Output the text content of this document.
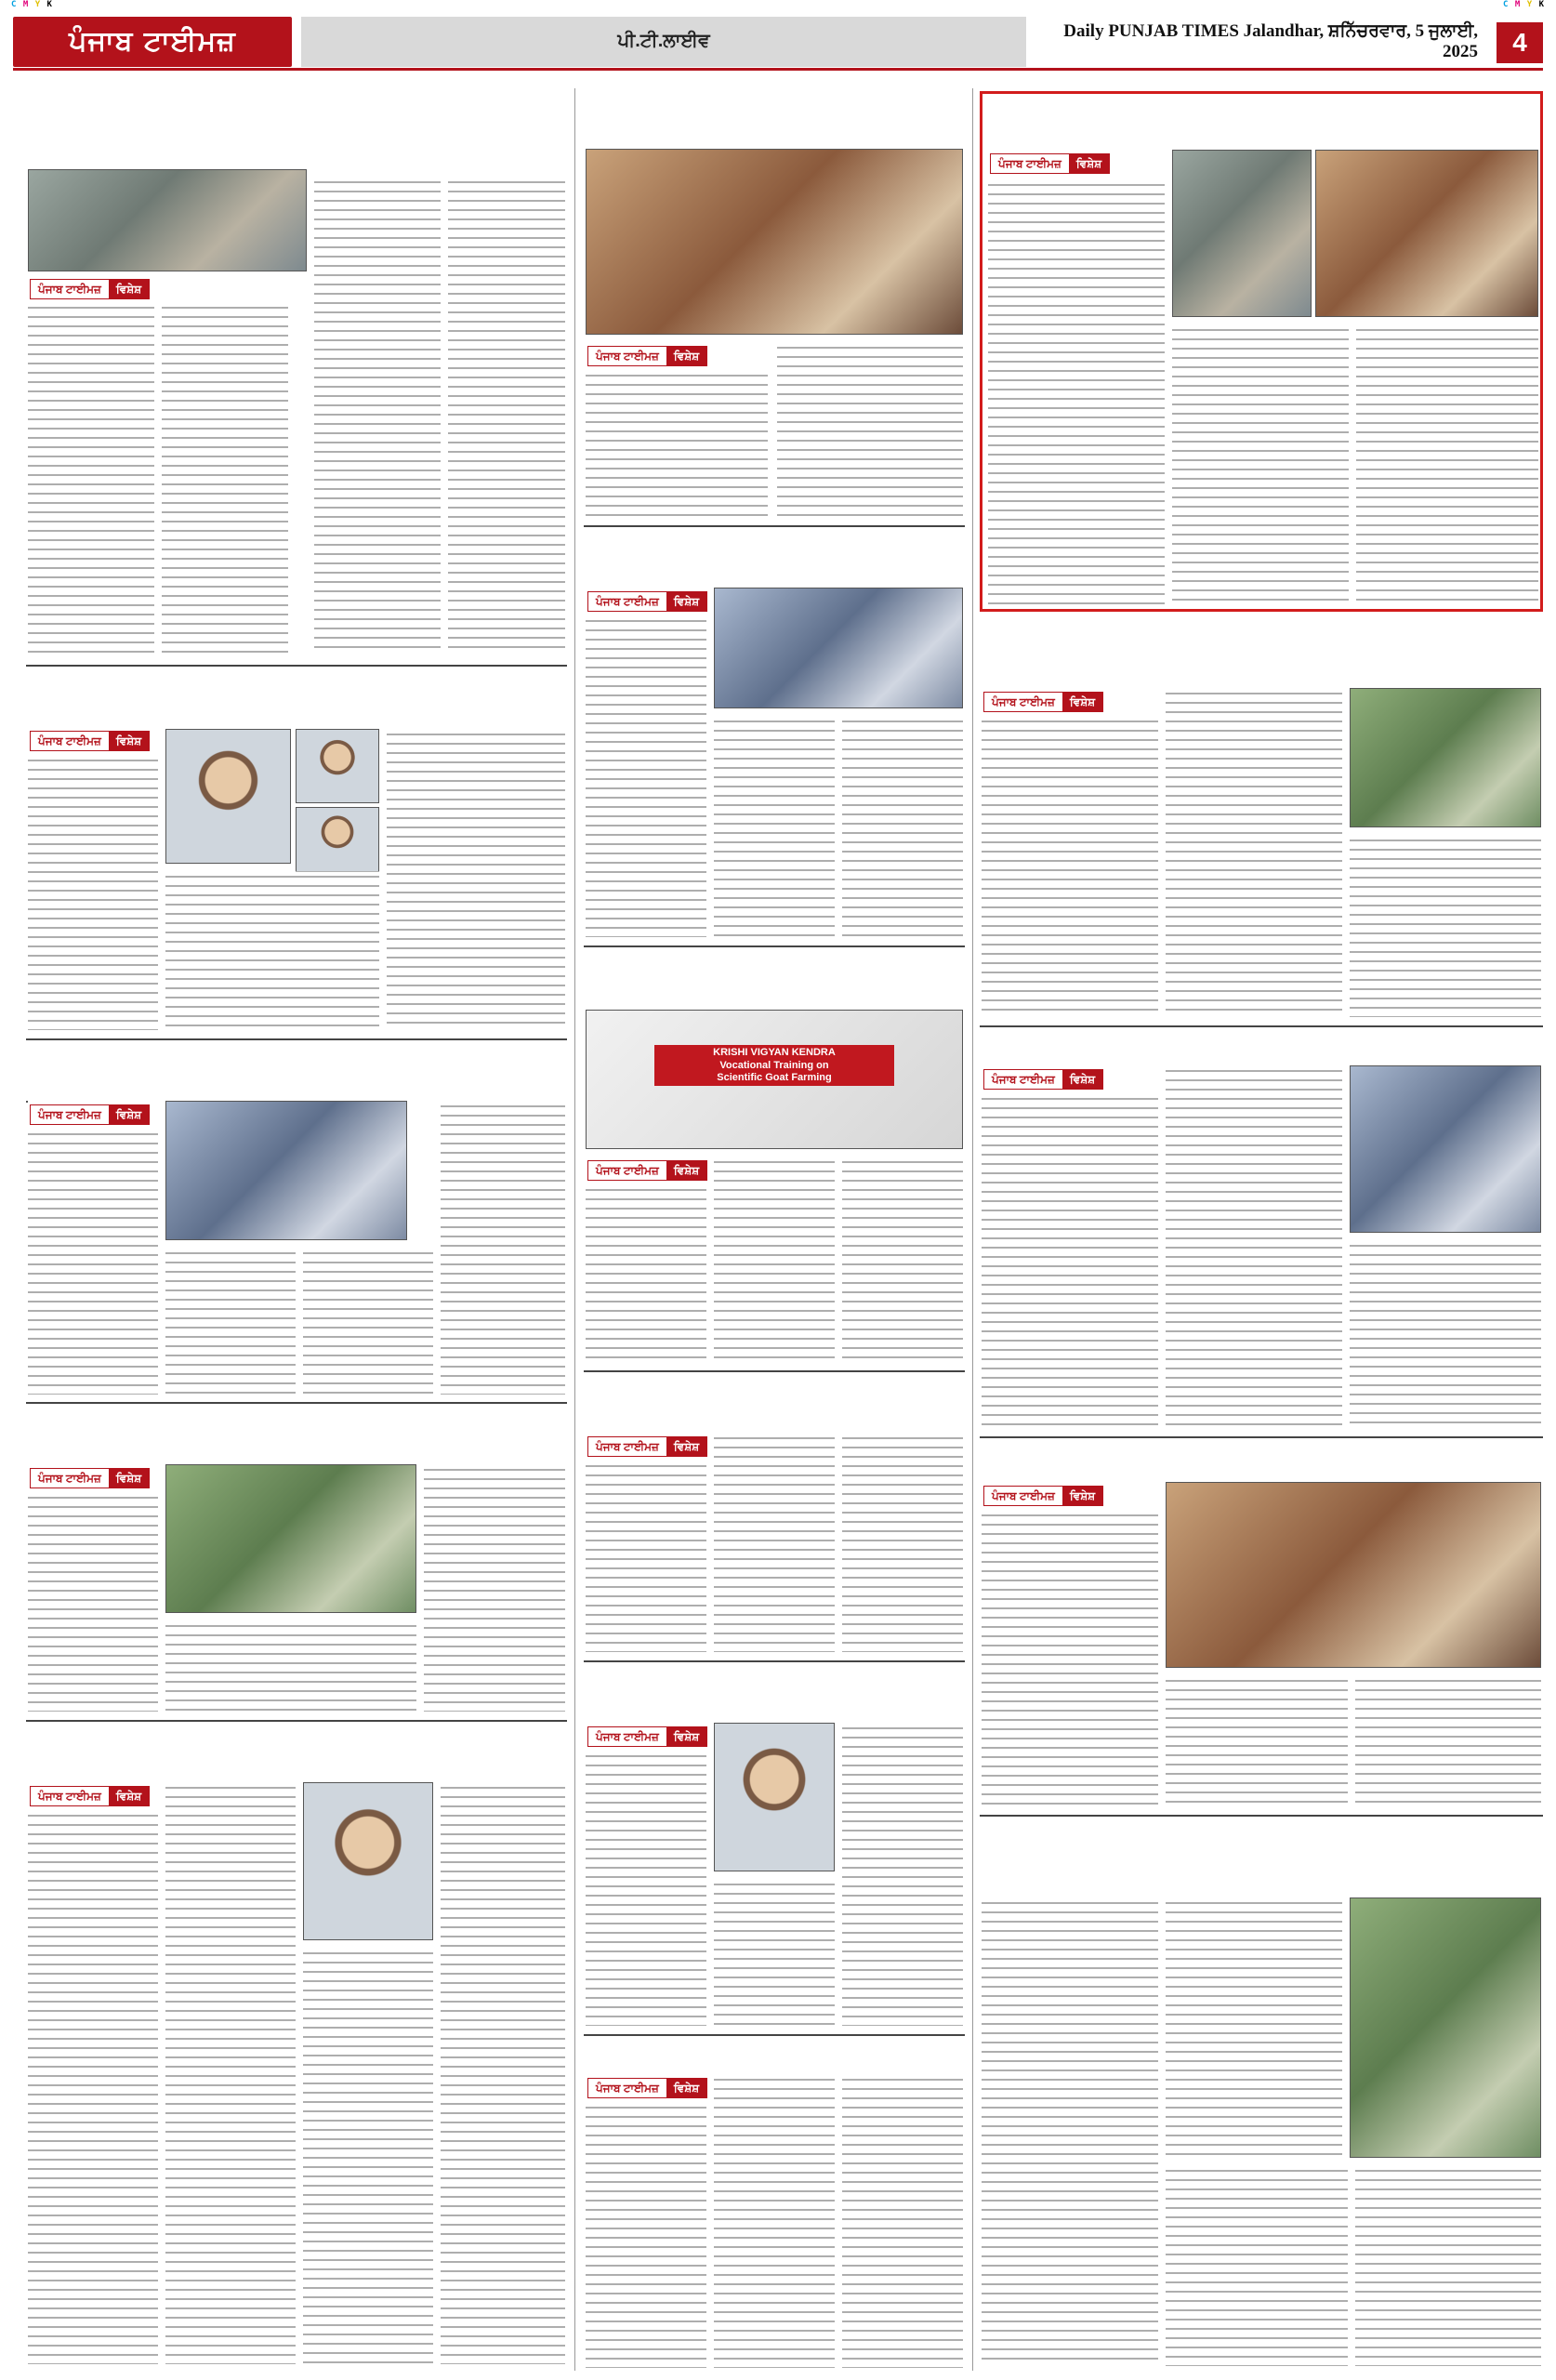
C M Y K	C M Y K
ਪੰਜਾਬ ਟਾਈਮਜ਼	ਪੀ.ਟੀ.ਲਾਈਵ	Daily PUNJAB TIMES Jalandhar, ਸ਼ਨਿੱਚਰਵਾਰ, 5 ਜੁਲਾਈ, 2025	4
ਪੰਜਾਬ ਟਾਈਮਜ਼	ਵਿਸ਼ੇਸ਼
ਪੰਜਾਬ ਟਾਈਮਜ਼	ਵਿਸ਼ੇਸ਼
ਪੰਜਾਬ ਟਾਈਮਜ਼	ਵਿਸ਼ੇਸ਼
ਪੰਜਾਬ ਟਾਈਮਜ਼	ਵਿਸ਼ੇਸ਼
ਪੰਜਾਬ ਟਾਈਮਜ਼	ਵਿਸ਼ੇਸ਼
ਪੰਜਾਬ ਟਾਈਮਜ਼	ਵਿਸ਼ੇਸ਼
ਪੰਜਾਬ ਟਾਈਮਜ਼	ਵਿਸ਼ੇਸ਼
KRISHI VIGYAN KENDRA
Vocational Training on
Scientific Goat Farming
ਪੰਜਾਬ ਟਾਈਮਜ਼	ਵਿਸ਼ੇਸ਼
ਪੰਜਾਬ ਟਾਈਮਜ਼	ਵਿਸ਼ੇਸ਼
ਪੰਜਾਬ ਟਾਈਮਜ਼	ਵਿਸ਼ੇਸ਼
ਪੰਜਾਬ ਟਾਈਮਜ਼	ਵਿਸ਼ੇਸ਼
ਪੰਜਾਬ ਟਾਈਮਜ਼	ਵਿਸ਼ੇਸ਼
ਪੰਜਾਬ ਟਾਈਮਜ਼	ਵਿਸ਼ੇਸ਼
ਪੰਜਾਬ ਟਾਈਮਜ਼	ਵਿਸ਼ੇਸ਼
ਪੰਜਾਬ ਟਾਈਮਜ਼	ਵਿਸ਼ੇਸ਼
